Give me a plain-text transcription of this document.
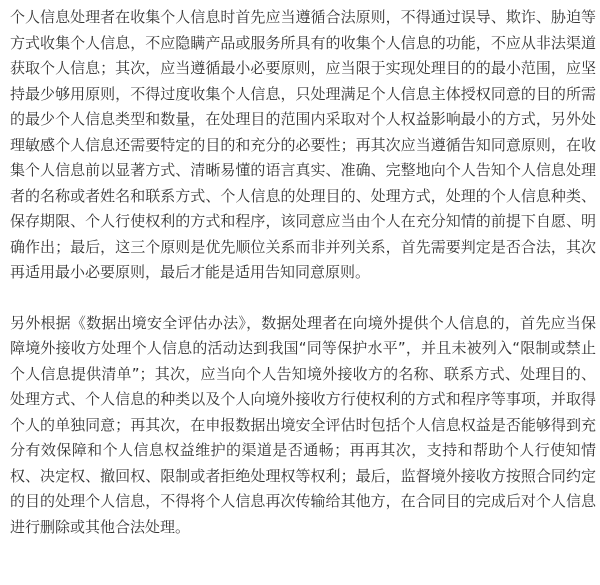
个人信息处理者在收集个人信息时首先应当遵循合法原则，不得通过误导、欺诈、胁迫等方式收集个人信息，不应隐瞒产品或服务所具有的收集个人信息的功能，不应从非法渠道获取个人信息；其次，应当遵循最小必要原则，应当限于实现处理目的的最小范围，应坚持最少够用原则，不得过度收集个人信息，只处理满足个人信息主体授权同意的目的所需的最少个人信息类型和数量，在处理目的范围内采取对个人权益影响最小的方式，另外处理敏感个人信息还需要特定的目的和充分的必要性；再其次应当遵循告知同意原则，在收集个人信息前以显著方式、清晰易懂的语言真实、准确、完整地向个人告知个人信息处理者的名称或者姓名和联系方式、个人信息的处理目的、处理方式，处理的个人信息种类、保存期限、个人行使权利的方式和程序，该同意应当由个人在充分知情的前提下自愿、明确作出；最后，这三个原则是优先顺位关系而非并列关系，首先需要判定是否合法，其次再适用最小必要原则，最后才能是适用告知同意原则。

另外根据《数据出境安全评估办法》，数据处理者在向境外提供个人信息的，首先应当保障境外接收方处理个人信息的活动达到我国“同等保护水平”，并且未被列入“限制或禁止个人信息提供清单”；其次，应当向个人告知境外接收方的名称、联系方式、处理目的、处理方式、个人信息的种类以及个人向境外接收方行使权利的方式和程序等事项，并取得个人的单独同意；再其次，在申报数据出境安全评估时包括个人信息权益是否能够得到充分有效保障和个人信息权益维护的渠道是否通畅；再再其次，支持和帮助个人行使知情权、决定权、撤回权、限制或者拒绝处理权等权利；最后，监督境外接收方按照合同约定的目的处理个人信息，不得将个人信息再次传输给其他方，在合同目的完成后对个人信息进行删除或其他合法处理。
